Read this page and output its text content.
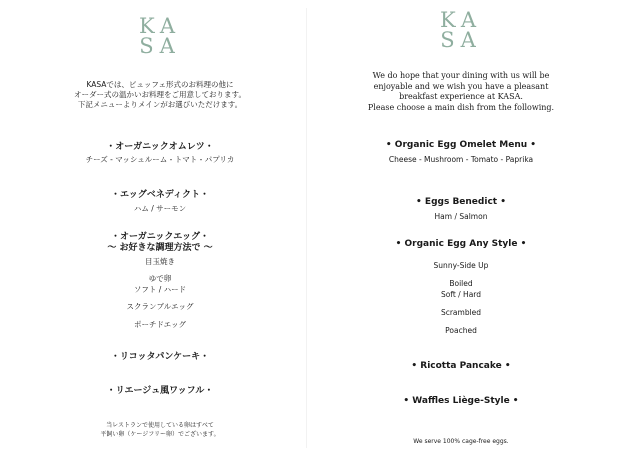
KA
SA
KASAでは、ビュッフェ形式のお料理の他に
オーダー式の温かいお料理をご用意しております。
下記メニューよりメインがお選びいただけます。
・オーガニックオムレツ・
チーズ - マッシュルーム - トマト - パプリカ
・エッグベネディクト・
ハム / サーモン
・オーガニックエッグ・
〜 お好きな調理方法で 〜
目玉焼き
ゆで卵
ソフト / ハード
スクランブルエッグ
ポーチドエッグ
・リコッタパンケーキ・
・リエージュ風ワッフル・
当レストランで使用している卵はすべて
平飼い卵（ケージフリー卵）でございます。
KA
SA
We do hope that your dining with us will be
enjoyable and we wish you have a pleasant
breakfast experience at KASA.
Please choose a main dish from the following.
• Organic Egg Omelet Menu •
Cheese - Mushroom - Tomato - Paprika
• Eggs Benedict •
Ham / Salmon
• Organic Egg Any Style •
Sunny-Side Up
Boiled
Soft / Hard
Scrambled
Poached
• Ricotta Pancake •
• Waffles Liège-Style •
We serve 100% cage-free eggs.
